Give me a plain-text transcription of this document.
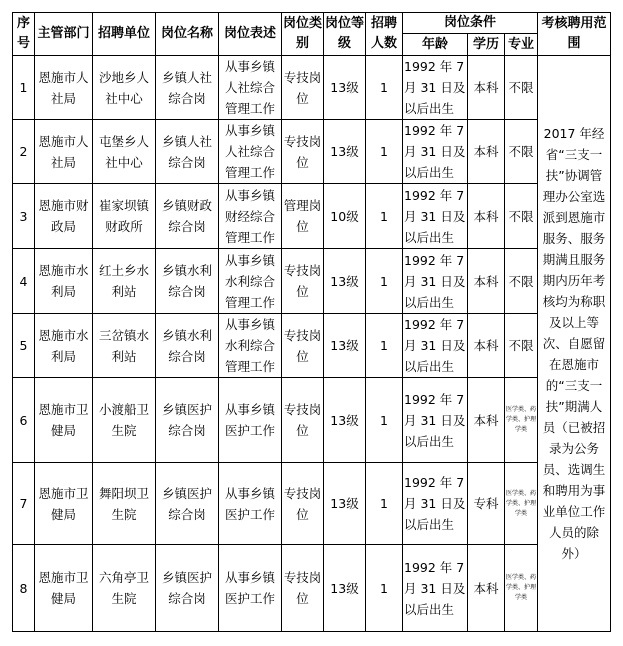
序号	主管部门	招聘单位	岗位名称	岗位表述	岗位类别	岗位等级	招聘人数	岗位条件			考核聘用范围
								年龄	学历	专业	
1	恩施市人社局	沙地乡人社中心	乡镇人社综合岗	从事乡镇人社综合管理工作	专技岗位	13级	1	1992 年 7月 31 日及以后出生	本科	不限	2017 年经省“三支一扶”协调管理办公室选派到恩施市服务、服务期满且服务期内历年考核均为称职及以上等次、自愿留在恩施市的“三支一扶”期满人员（已被招录为公务员、选调生和聘用为事业单位工作人员的除外）
2	恩施市人社局	屯堡乡人社中心	乡镇人社综合岗	从事乡镇人社综合管理工作	专技岗位	13级	1	1992 年 7月 31 日及以后出生	本科	不限	
3	恩施市财政局	崔家坝镇财政所	乡镇财政综合岗	从事乡镇财经综合管理工作	管理岗位	10级	1	1992 年 7月 31 日及以后出生	本科	不限	
4	恩施市水利局	红土乡水利站	乡镇水利综合岗	从事乡镇水利综合管理工作	专技岗位	13级	1	1992 年 7月 31 日及以后出生	本科	不限	
5	恩施市水利局	三岔镇水利站	乡镇水利综合岗	从事乡镇水利综合管理工作	专技岗位	13级	1	1992 年 7月 31 日及以后出生	本科	不限	
6	恩施市卫健局	小渡船卫生院	乡镇医护综合岗	从事乡镇医护工作	专技岗位	13级	1	1992 年 7月 31 日及以后出生	本科	医学类、药学类、护理学类	
7	恩施市卫健局	舞阳坝卫生院	乡镇医护综合岗	从事乡镇医护工作	专技岗位	13级	1	1992 年 7月 31 日及以后出生	专科	医学类、药学类、护理学类	
8	恩施市卫健局	六角亭卫生院	乡镇医护综合岗	从事乡镇医护工作	专技岗位	13级	1	1992 年 7月 31 日及以后出生	本科	医学类、药学类、护理学类	
